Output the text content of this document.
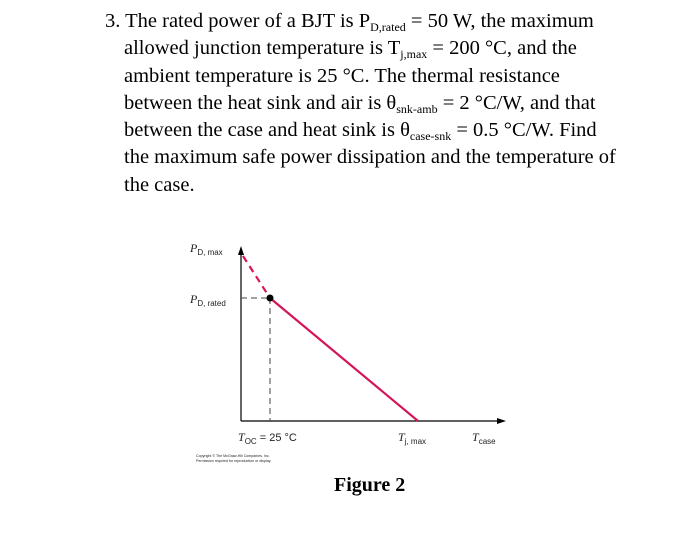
3. The rated power of a BJT is $P_{D,rated} = 50$ W, the maximum

allowed junction temperature is $T_{j,max} = 200$ °C, and the

ambient temperature is 25 °C. The thermal resistance

between the heat sink and air is $\theta_{snk-amb} = 2$ °C/W, and that

between the case and heat sink is $\theta_{case-snk} = 0.5$ °C/W. Find

the maximum safe power dissipation and the temperature of

the case.

$P_{D, max}$
$P_{D, rated}$
$T_{OC} = 25$ °C	$T_{j, max}$	$T_{case}$
Copyright © The McGraw-Hill Companies, Inc.
Permission required for reproduction or display.
Figure 2
